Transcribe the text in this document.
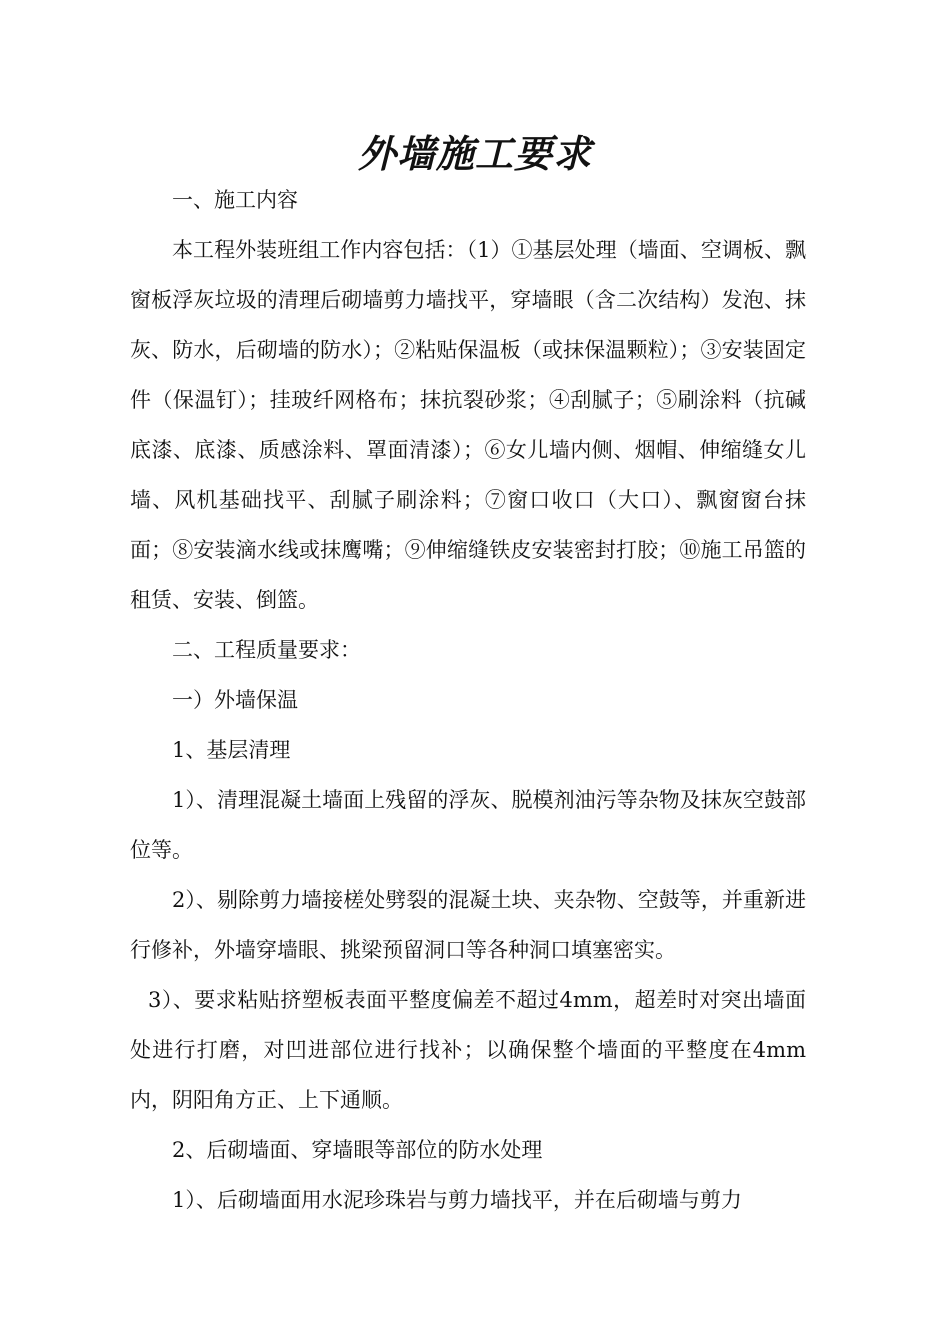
外墙施工要求

一、施工内容

本工程外装班组工作内容包括：（1）①基层处理（墙面、空调板、飘窗板浮灰垃圾的清理后砌墙剪力墙找平，穿墙眼（含二次结构）发泡、抹灰、防水，后砌墙的防水）；②粘贴保温板（或抹保温颗粒）；③安装固定件（保温钉）；挂玻纤网格布；抹抗裂砂浆；④刮腻子；⑤刷涂料（抗碱底漆、底漆、质感涂料、罩面清漆）；⑥女儿墙内侧、烟帽、伸缩缝女儿墙、风机基础找平、刮腻子刷涂料；⑦窗口收口（大口）、飘窗窗台抹面；⑧安装滴水线或抹鹰嘴；⑨伸缩缝铁皮安装密封打胶；⑩施工吊篮的租赁、安装、倒篮。

二、工程质量要求：

一）外墙保温

1、基层清理

1）、清理混凝土墙面上残留的浮灰、脱模剂油污等杂物及抹灰空鼓部位等。

2）、剔除剪力墙接槎处劈裂的混凝土块、夹杂物、空鼓等，并重新进行修补，外墙穿墙眼、挑梁预留洞口等各种洞口填塞密实。

3）、要求粘贴挤塑板表面平整度偏差不超过4mm，超差时对突出墙面处进行打磨，对凹进部位进行找补；以确保整个墙面的平整度在4mm内，阴阳角方正、上下通顺。

2、后砌墙面、穿墙眼等部位的防水处理

1）、后砌墙面用水泥珍珠岩与剪力墙找平，并在后砌墙与剪力
